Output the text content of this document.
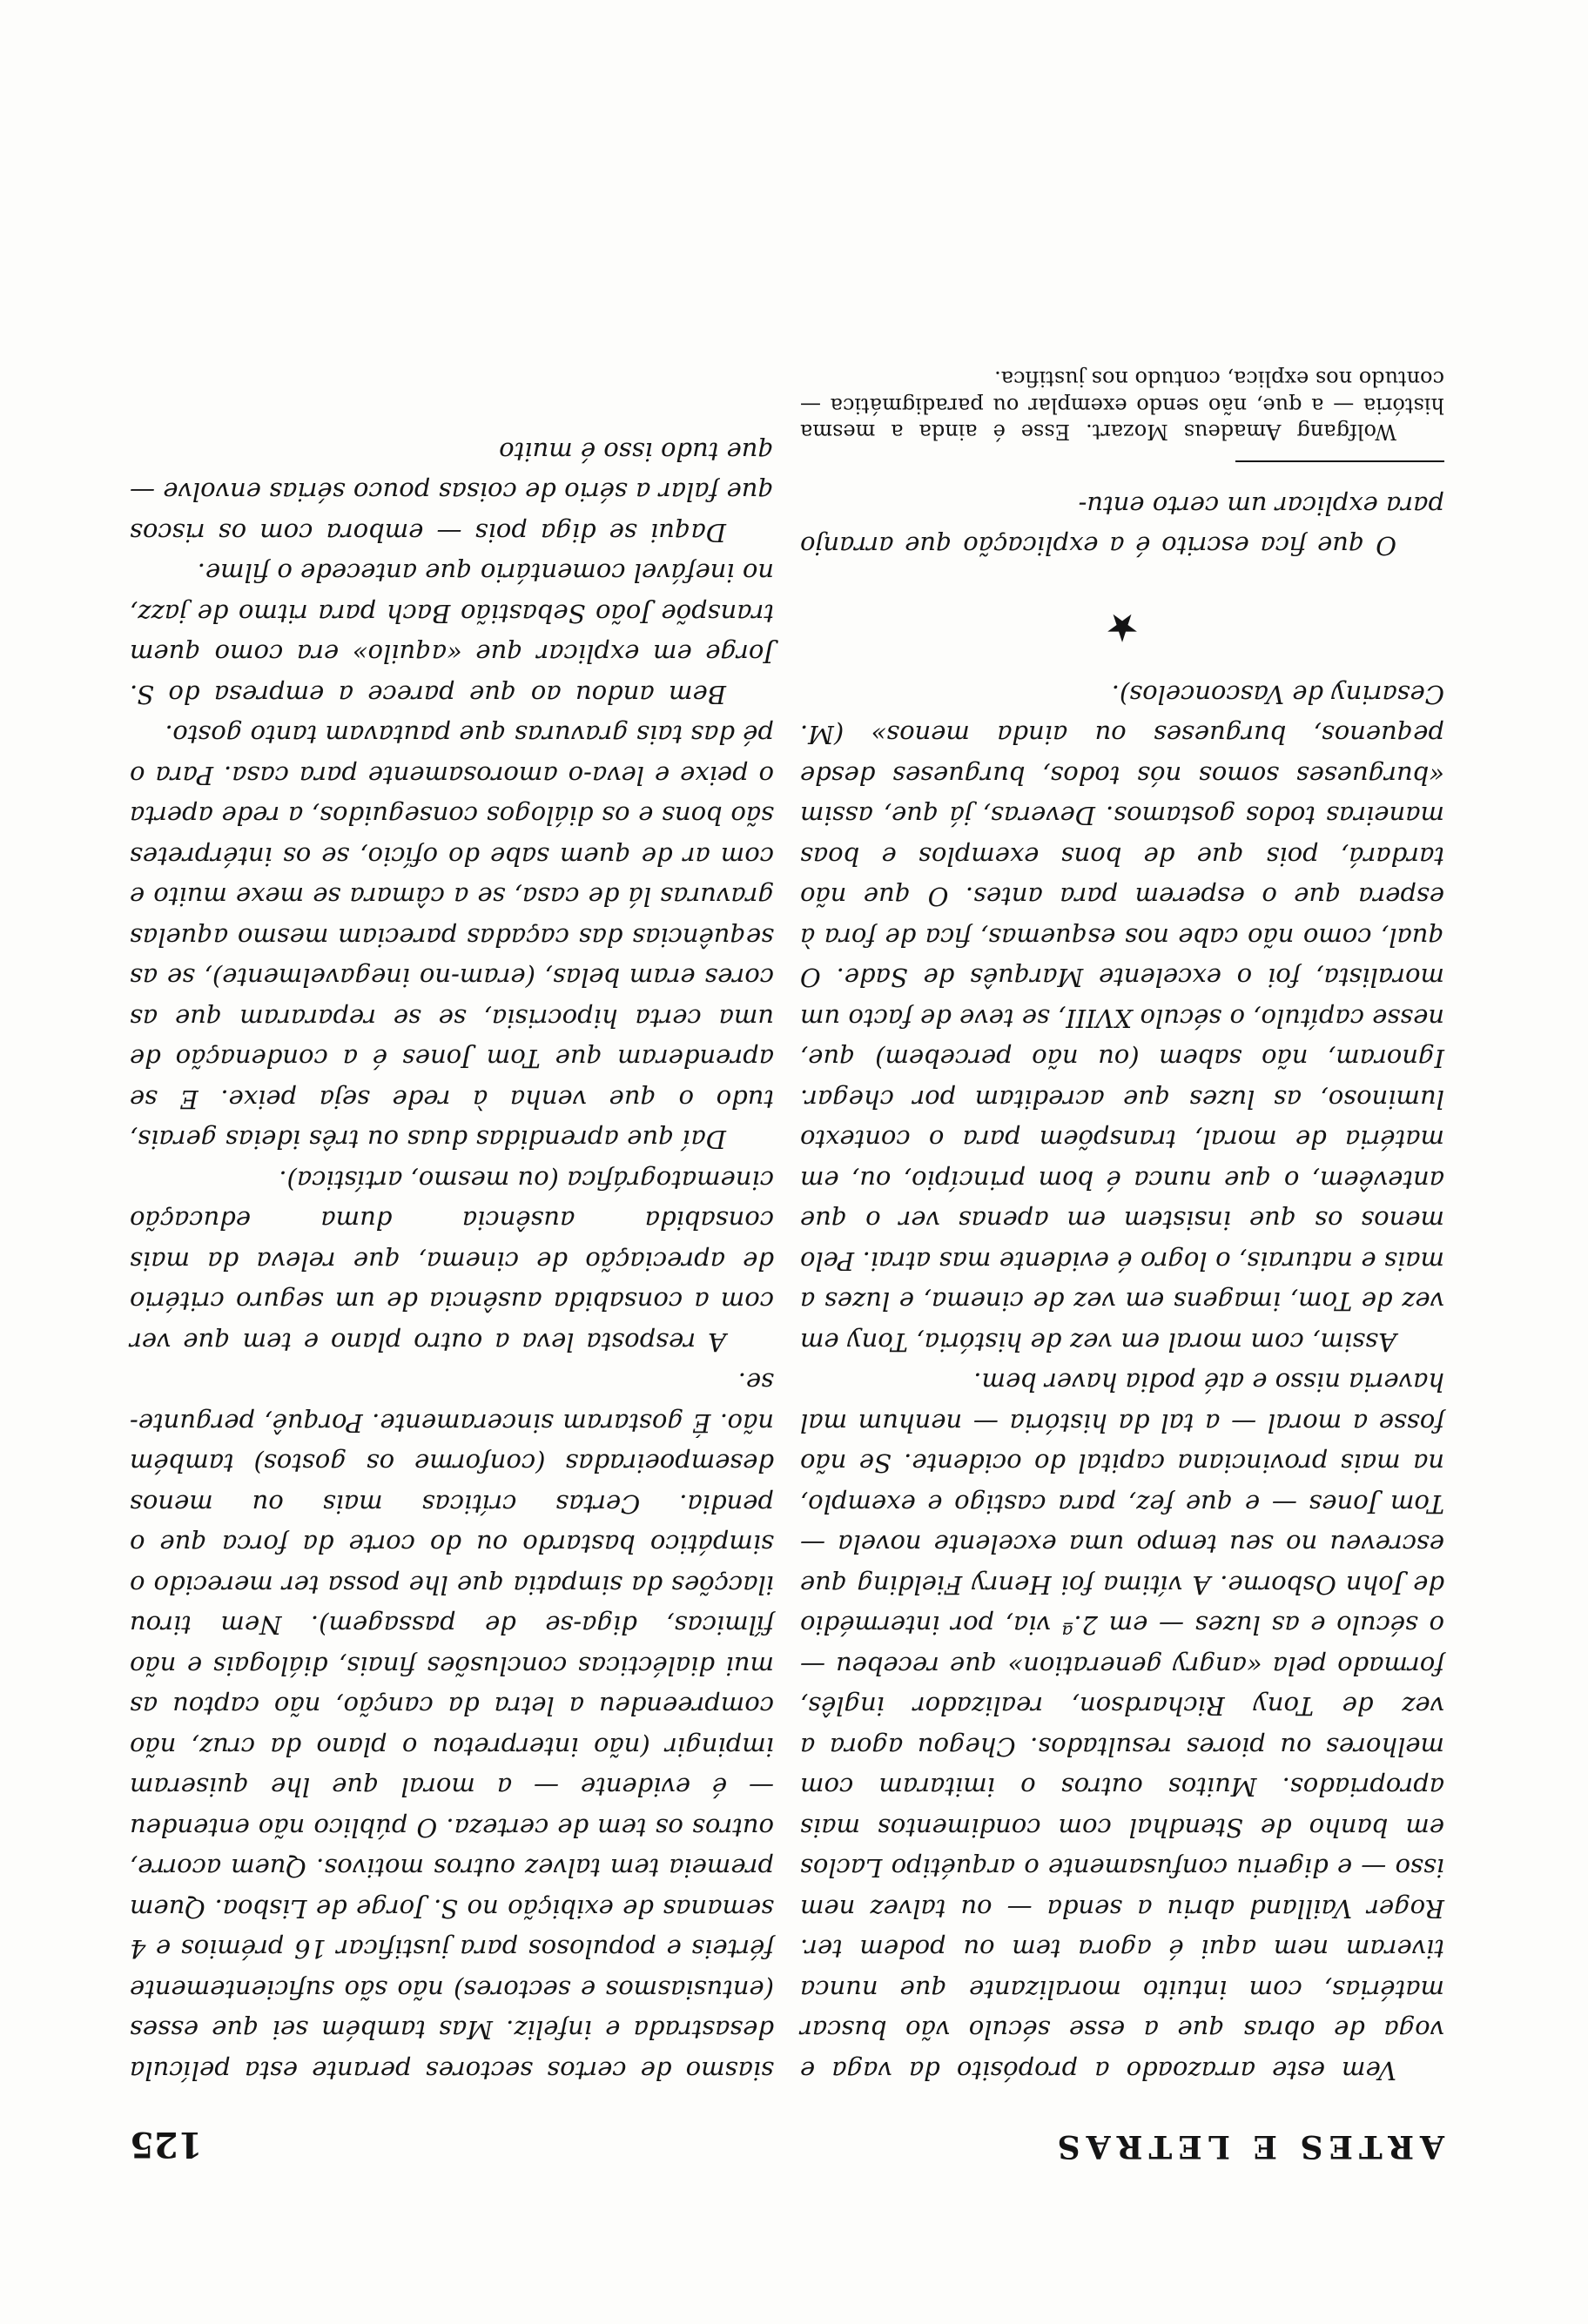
ARTES E LETRAS
125

Vem este arrazoado a propósito da vaga e voga de obras que a esse século vão buscar matérias, com intuito moralizante que nunca tiveram nem aqui é agora tem ou podem ter. Roger Vailland abriu a senda — ou talvez nem isso — e digeriu confusamente o arquétipo Laclos em banho de Stendhal com condimentos mais apropriados. Muitos outros o imitaram com melhores ou piores resultados. Chegou agora a vez de Tony Richardson, realizador inglês, formado pela «angry generation» que recebeu — o século e as luzes — em 2.ª via, por intermédio de John Osborne. A vítima foi Henry Fielding que escreveu no seu tempo uma excelente novela — Tom Jones — e que fez, para castigo e exemplo, na mais provinciana capital do ocidente. Se não fosse a moral — a tal da história — nenhum mal haveria nisso e até podia haver bem.

Assim, com moral em vez de história, Tony em vez de Tom, imagens em vez de cinema, e luzes a mais e naturais, o logro é evidente mas atrai. Pelo menos os que insistem em apenas ver o que antevêem, o que nunca é bom princípio, ou, em matéria de moral, transpõem para o contexto luminoso, as luzes que acreditam por chegar. Ignoram, não sabem (ou não percebem) que, nesse capítulo, o século XVIII, se teve de facto um moralista, foi o excelente Marquês de Sade. O qual, como não cabe nos esquemas, fica de fora à espera que o esperem para antes. O que não tardará, pois que de bons exemplos e boas maneiras todos gostamos. Deveras, já que, assim «burgueses somos nós todos, burgueses desde pequenos, burgueses ou ainda menos» (M. Cesariny de Vasconcelos).

★

O que fica escrito é a explicação que arranjo para explicar um certo entu-

Wolfgang Amadeus Mozart. Esse é ainda a mesma história — a que, não sendo exemplar ou paradigmática — contudo nos explica, contudo nos justifica.

siasmo de certos sectores perante esta película desastrada e infeliz. Mas também sei que esses (entusiasmos e sectores) não são suficientemente férteis e populosos para justificar 16 prémios e 4 semanas de exibição no S. Jorge de Lisboa. Quem premeia tem talvez outros motivos. Quem acorre, outros os tem de certeza. O público não entendeu — é evidente — a moral que lhe quiseram impingir (não interpretou o plano da cruz, não compreendeu a letra da canção, não captou as mui dialécticas conclusões finais, diálogais e não fílmicas, diga-se de passagem). Nem tirou ilacções da simpatia que lhe possa ter merecido o simpático bastardo ou do corte da forca que o pendia. Certas críticas mais ou menos desempoeiradas (conforme os gostos) também não. É gostaram sinceramente. Porquê, pergunte-se.

A resposta leva a outro plano e tem que ver com a consabida ausência de um seguro critério de apreciação de cinema, que releva da mais consabida ausência duma educação cinematográfica (ou mesmo, artística).

Daí que aprendidas duas ou três ideias gerais, tudo o que venha à rede seja peixe. E se aprenderam que Tom Jones é a condenação de uma certa hipocrisia, se se repararam que as cores eram belas, (eram-no inegavelmente), se as sequências das caçadas pareciam mesmo aquelas gravuras lá de casa, se a câmara se mexe muito e com ar de quem sabe do ofício, se os intérpretes são bons e os diálogos conseguidos, a rede aperta o peixe e leva-o amorosamente para casa. Para o pé das tais gravuras que pautavam tanto gosto.

Bem andou ao que parece a empresa do S. Jorge em explicar que «aquilo» era como quem transpõe João Sebastião Bach para ritmo de jazz, no inefável comentário que antecede o filme.

Daqui se diga pois — embora com os riscos que falar a sério de coisas pouco sérias envolve — que tudo isso é muito
